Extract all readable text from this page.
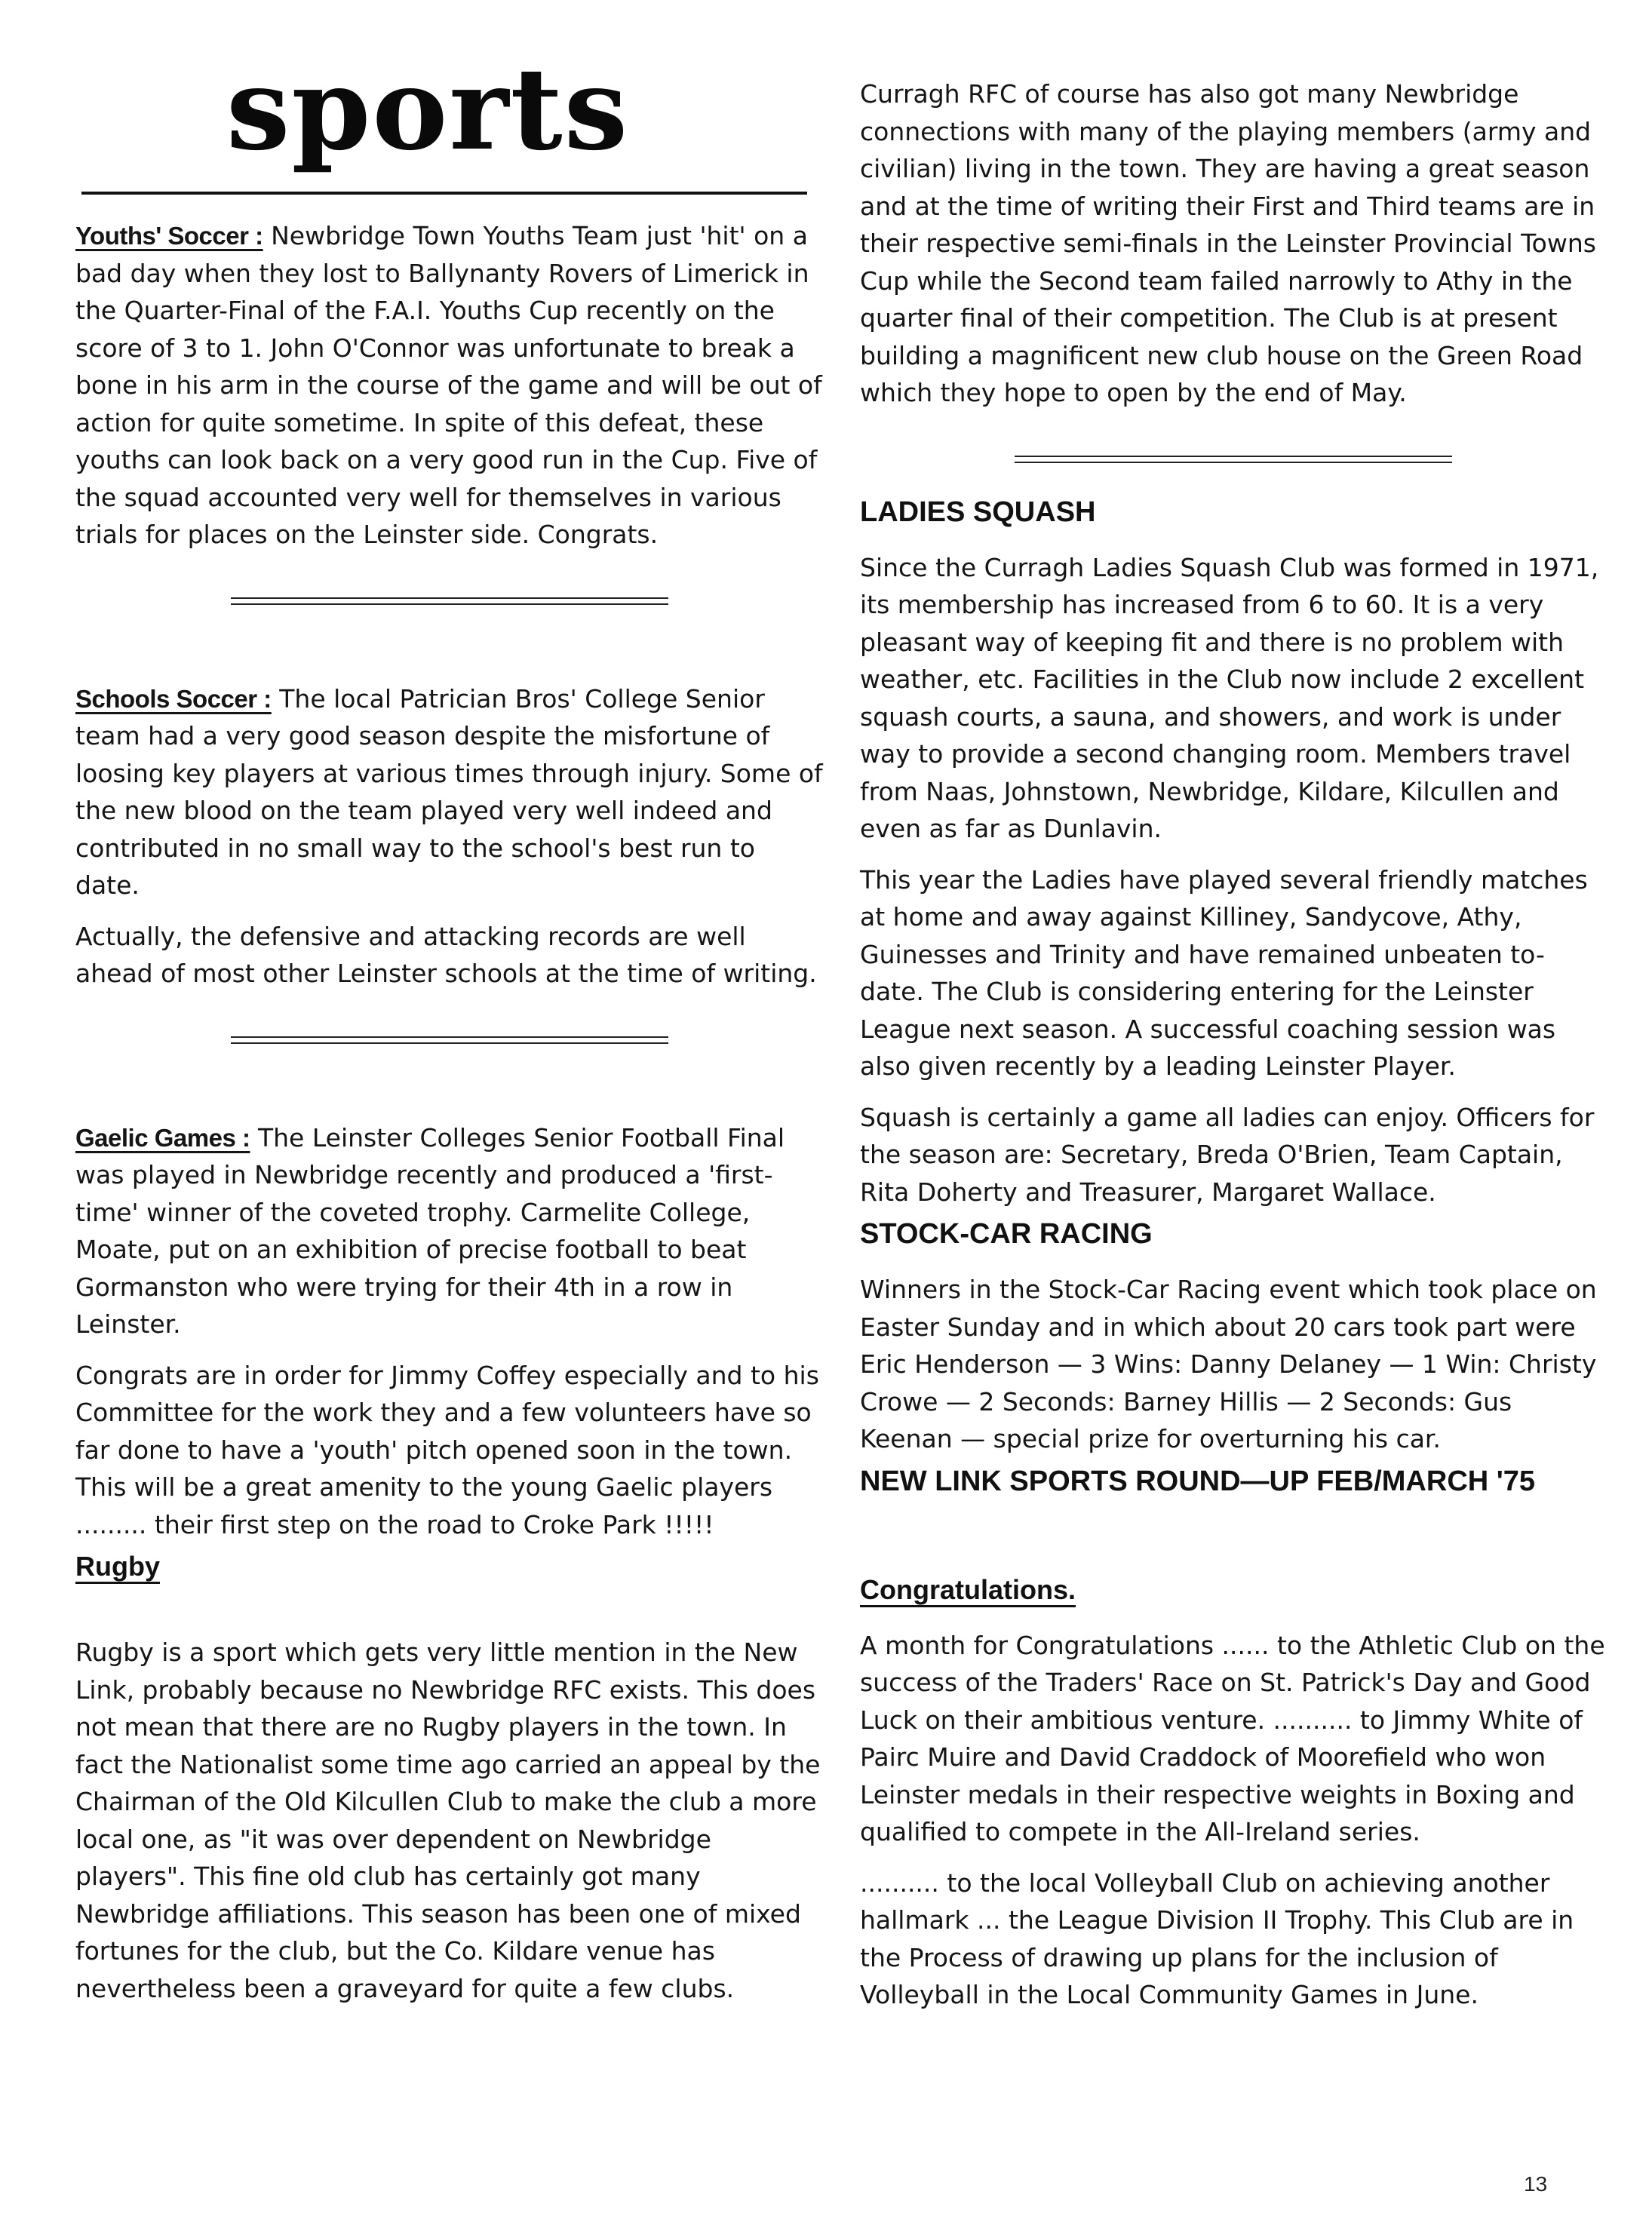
sports

Youths' Soccer : Newbridge Town Youths Team just 'hit' on a bad day when they lost to Ballynanty Rovers of Limerick in the Quarter-Final of the F.A.I. Youths Cup recently on the score of 3 to 1. John O'Connor was unfortunate to break a bone in his arm in the course of the game and will be out of action for quite sometime. In spite of this defeat, these youths can look back on a very good run in the Cup. Five of the squad accounted very well for themselves in various trials for places on the Leinster side. Congrats.

Schools Soccer : The local Patrician Bros' College Senior team had a very good season despite the misfortune of loosing key players at various times through injury. Some of the new blood on the team played very well indeed and contributed in no small way to the school's best run to date.

Actually, the defensive and attacking records are well ahead of most other Leinster schools at the time of writing.

Gaelic Games : The Leinster Colleges Senior Football Final was played in Newbridge recently and produced a 'first-time' winner of the coveted trophy. Carmelite College, Moate, put on an exhibition of precise football to beat Gormanston who were trying for their 4th in a row in Leinster.

Congrats are in order for Jimmy Coffey especially and to his Committee for the work they and a few volunteers have so far done to have a 'youth' pitch opened soon in the town. This will be a great amenity to the young Gaelic players ......... their first step on the road to Croke Park !!!!!

Rugby

Rugby is a sport which gets very little mention in the New Link, probably because no Newbridge RFC exists. This does not mean that there are no Rugby players in the town. In fact the Nationalist some time ago carried an appeal by the Chairman of the Old Kilcullen Club to make the club a more local one, as "it was over dependent on Newbridge players". This fine old club has certainly got many Newbridge affiliations. This season has been one of mixed fortunes for the club, but the Co. Kildare venue has nevertheless been a graveyard for quite a few clubs.

Curragh RFC of course has also got many Newbridge connections with many of the playing members (army and civilian) living in the town. They are having a great season and at the time of writing their First and Third teams are in their respective semi-finals in the Leinster Provincial Towns Cup while the Second team failed narrowly to Athy in the quarter final of their competition. The Club is at present building a magnificent new club house on the Green Road which they hope to open by the end of May.

LADIES SQUASH

Since the Curragh Ladies Squash Club was formed in 1971, its membership has increased from 6 to 60. It is a very pleasant way of keeping fit and there is no problem with weather, etc. Facilities in the Club now include 2 excellent squash courts, a sauna, and showers, and work is under way to provide a second changing room. Members travel from Naas, Johnstown, Newbridge, Kildare, Kilcullen and even as far as Dunlavin.

This year the Ladies have played several friendly matches at home and away against Killiney, Sandycove, Athy, Guinesses and Trinity and have remained unbeaten to-date. The Club is considering entering for the Leinster League next season. A successful coaching session was also given recently by a leading Leinster Player.

Squash is certainly a game all ladies can enjoy. Officers for the season are: Secretary, Breda O'Brien, Team Captain, Rita Doherty and Treasurer, Margaret Wallace.

STOCK-CAR RACING

Winners in the Stock-Car Racing event which took place on Easter Sunday and in which about 20 cars took part were Eric Henderson — 3 Wins: Danny Delaney — 1 Win: Christy Crowe — 2 Seconds: Barney Hillis — 2 Seconds: Gus Keenan — special prize for overturning his car.

NEW LINK SPORTS ROUND—UP FEB/MARCH '75
Congratulations.

A month for Congratulations ...... to the Athletic Club on the success of the Traders' Race on St. Patrick's Day and Good Luck on their ambitious venture. .......... to Jimmy White of Pairc Muire and David Craddock of Moorefield who won Leinster medals in their respective weights in Boxing and qualified to compete in the All-Ireland series.

.......... to the local Volleyball Club on achieving another hallmark ... the League Division II Trophy. This Club are in the Process of drawing up plans for the inclusion of Volleyball in the Local Community Games in June.

13
